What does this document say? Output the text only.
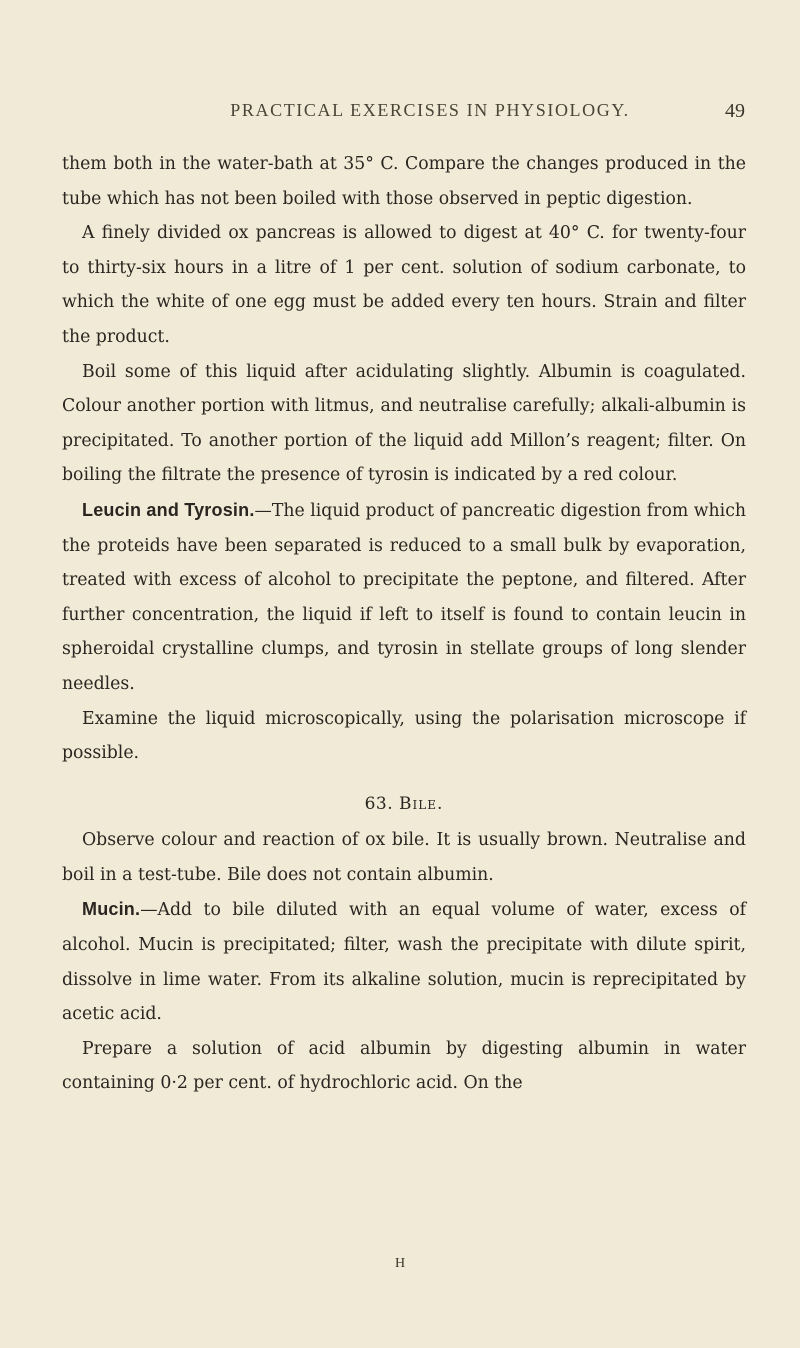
PRACTICAL EXERCISES IN PHYSIOLOGY.	49

them both in the water-bath at 35° C. Compare the changes produced in the tube which has not been boiled with those observed in peptic digestion.

A finely divided ox pancreas is allowed to digest at 40° C. for twenty-four to thirty-six hours in a litre of 1 per cent. solution of sodium carbonate, to which the white of one egg must be added every ten hours. Strain and filter the product.

Boil some of this liquid after acidulating slightly. Albumin is coagulated. Colour another portion with litmus, and neutralise carefully; alkali-albumin is precipitated. To another portion of the liquid add Millon’s reagent; filter. On boiling the filtrate the presence of tyrosin is indicated by a red colour.

Leucin and Tyrosin.—The liquid product of pancreatic digestion from which the proteids have been separated is reduced to a small bulk by evaporation, treated with excess of alcohol to precipitate the peptone, and filtered. After further concentration, the liquid if left to itself is found to contain leucin in spheroidal crystalline clumps, and tyrosin in stellate groups of long slender needles.

Examine the liquid microscopically, using the polarisation microscope if possible.

63. Bile.

Observe colour and reaction of ox bile. It is usually brown. Neutralise and boil in a test-tube. Bile does not contain albumin.

Mucin.—Add to bile diluted with an equal volume of water, excess of alcohol. Mucin is precipitated; filter, wash the precipitate with dilute spirit, dissolve in lime water. From its alkaline solution, mucin is reprecipitated by acetic acid.

Prepare a solution of acid albumin by digesting albumin in water containing 0·2 per cent. of hydrochloric acid. On the

H
